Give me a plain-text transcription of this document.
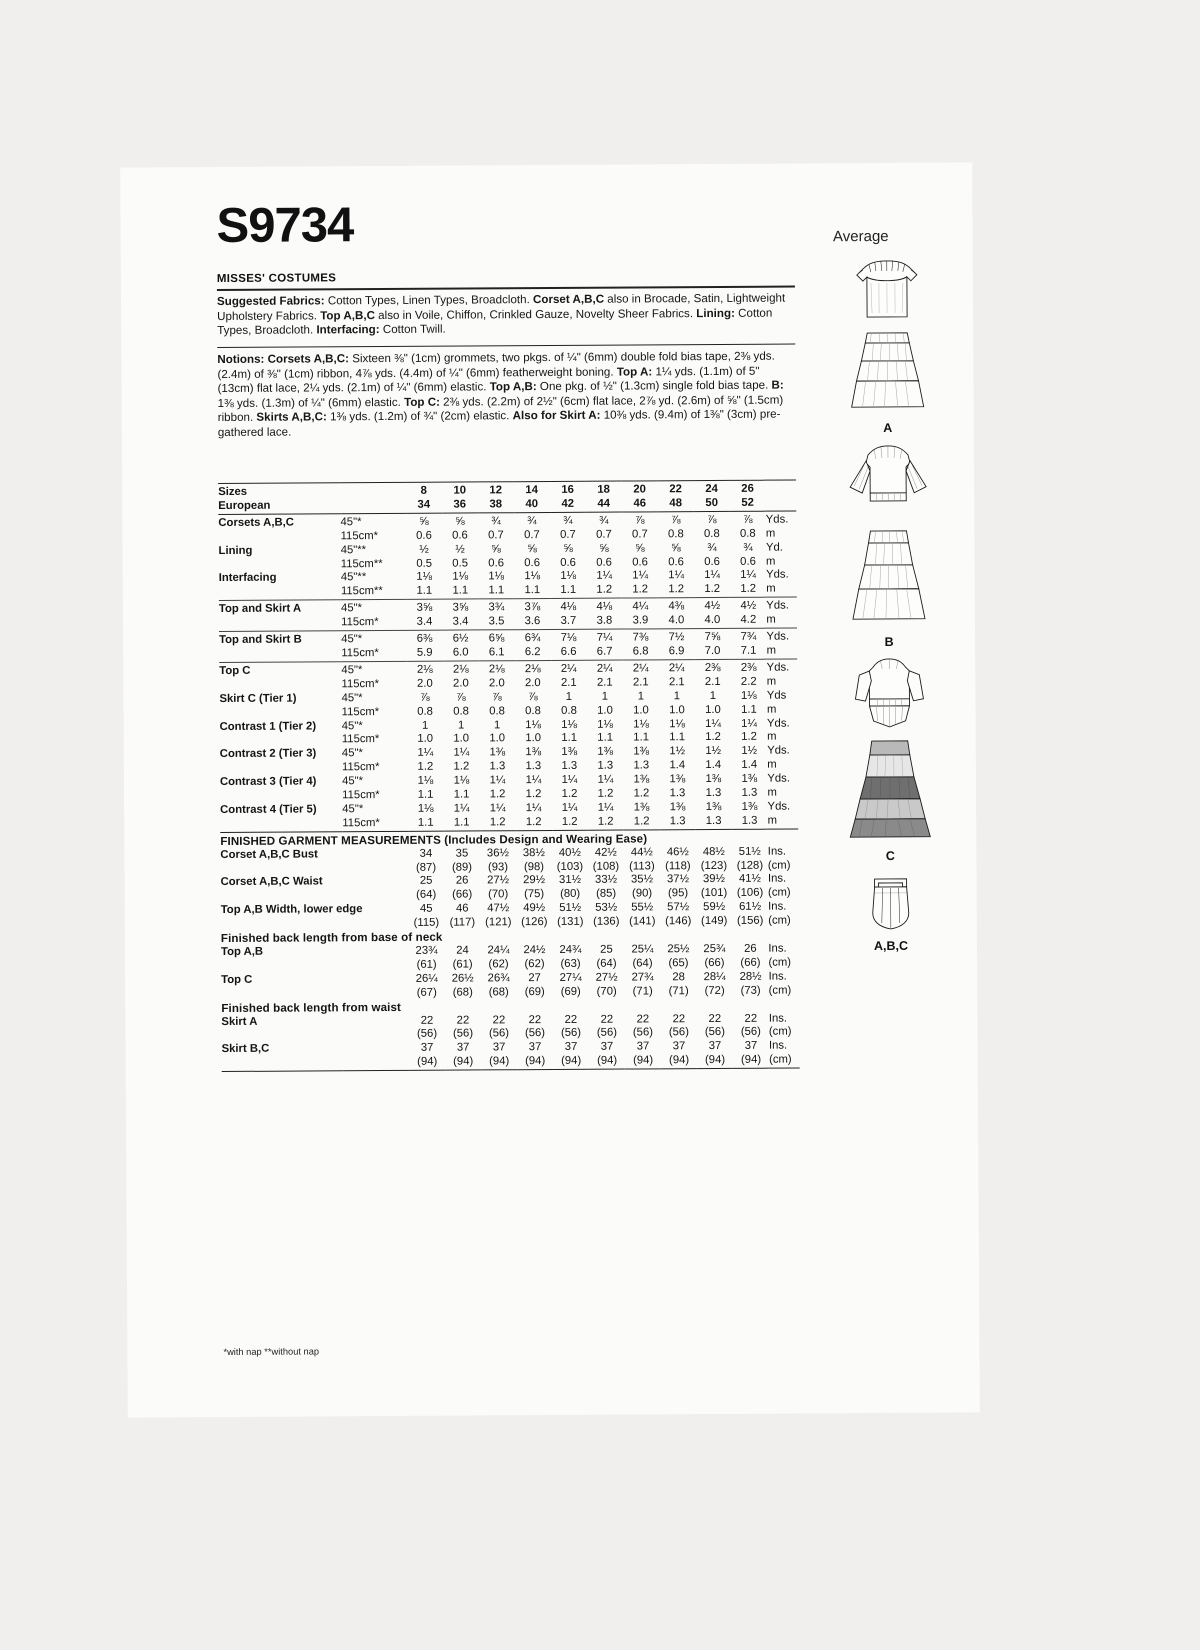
S9734	Average
MISSES' COSTUMES
Suggested Fabrics: Cotton Types, Linen Types, Broadcloth. Corset A,B,C also in Brocade, Satin, Lightweight Upholstery Fabrics. Top A,B,C also in Voile, Chiffon, Crinkled Gauze, Novelty Sheer Fabrics. Lining: Cotton Types, Broadcloth. Interfacing: Cotton Twill.
Notions: Corsets A,B,C: Sixteen ⅜" (1cm) grommets, two pkgs. of ¼" (6mm) double fold bias tape, 2⅜ yds. (2.4m) of ⅜" (1cm) ribbon, 4⅞ yds. (4.4m) of ¼" (6mm) featherweight boning. Top A: 1¼ yds. (1.1m) of 5" (13cm) flat lace, 2¼ yds. (2.1m) of ¼" (6mm) elastic. Top A,B: One pkg. of ½" (1.3cm) single fold bias tape. B: 1⅜ yds. (1.3m) of ¼" (6mm) elastic. Top C: 2⅜ yds. (2.2m) of 2½" (6cm) flat lace, 2⅞ yd. (2.6m) of ⅝" (1.5cm) ribbon. Skirts A,B,C: 1⅜ yds. (1.2m) of ¾" (2cm) elastic. Also for Skirt A: 10⅜ yds. (9.4m) of 1⅜" (3cm) pre-gathered lace.
Sizes		8	10	12	14	16	18	20	22	24	26	
European		34	36	38	40	42	44	46	48	50	52	
Corsets A,B,C	45"*	⅝	⅝	¾	¾	¾	¾	⅞	⅞	⅞	⅞	Yds.
	115cm*	0.6	0.6	0.7	0.7	0.7	0.7	0.7	0.8	0.8	0.8	m
Lining	45"**	½	½	⅝	⅝	⅝	⅝	⅝	⅝	¾	¾	Yd.
	115cm**	0.5	0.5	0.6	0.6	0.6	0.6	0.6	0.6	0.6	0.6	m
Interfacing	45"**	1⅛	1⅛	1⅛	1⅛	1⅛	1¼	1¼	1¼	1¼	1¼	Yds.
	115cm**	1.1	1.1	1.1	1.1	1.1	1.2	1.2	1.2	1.2	1.2	m
Top and Skirt A	45"*	3⅝	3⅝	3¾	3⅞	4⅛	4⅛	4¼	4⅜	4½	4½	Yds.
	115cm*	3.4	3.4	3.5	3.6	3.7	3.8	3.9	4.0	4.0	4.2	m
Top and Skirt B	45"*	6⅜	6½	6⅝	6¾	7⅛	7¼	7⅜	7½	7⅝	7¾	Yds.
	115cm*	5.9	6.0	6.1	6.2	6.6	6.7	6.8	6.9	7.0	7.1	m
Top C	45"*	2⅛	2⅛	2⅛	2⅛	2¼	2¼	2¼	2¼	2⅜	2⅜	Yds.
	115cm*	2.0	2.0	2.0	2.0	2.1	2.1	2.1	2.1	2.1	2.2	m
Skirt C (Tier 1)	45"*	⅞	⅞	⅞	⅞	1	1	1	1	1	1⅛	Yds
	115cm*	0.8	0.8	0.8	0.8	0.8	1.0	1.0	1.0	1.0	1.1	m
Contrast 1 (Tier 2)	45"*	1	1	1	1⅛	1⅛	1⅛	1⅛	1⅛	1¼	1¼	Yds.
	115cm*	1.0	1.0	1.0	1.0	1.1	1.1	1.1	1.1	1.2	1.2	m
Contrast 2 (Tier 3)	45"*	1¼	1¼	1⅜	1⅜	1⅜	1⅜	1⅜	1½	1½	1½	Yds.
	115cm*	1.2	1.2	1.3	1.3	1.3	1.3	1.3	1.4	1.4	1.4	m
Contrast 3 (Tier 4)	45"*	1⅛	1⅛	1¼	1¼	1¼	1¼	1⅜	1⅜	1⅜	1⅜	Yds.
	115cm*	1.1	1.1	1.2	1.2	1.2	1.2	1.2	1.3	1.3	1.3	m
Contrast 4 (Tier 5)	45"*	1⅛	1¼	1¼	1¼	1¼	1¼	1⅜	1⅜	1⅜	1⅜	Yds.
	115cm*	1.1	1.1	1.2	1.2	1.2	1.2	1.2	1.3	1.3	1.3	m
FINISHED GARMENT MEASUREMENTS (Includes Design and Wearing Ease)												
Corset A,B,C Bust		34	35	36½	38½	40½	42½	44½	46½	48½	51½	Ins.
		(87)	(89)	(93)	(98)	(103)	(108)	(113)	(118)	(123)	(128)	(cm)
Corset A,B,C Waist		25	26	27½	29½	31½	33½	35½	37½	39½	41½	Ins.
		(64)	(66)	(70)	(75)	(80)	(85)	(90)	(95)	(101)	(106)	(cm)
Top A,B Width, lower edge		45	46	47½	49½	51½	53½	55½	57½	59½	61½	Ins.
		(115)	(117)	(121)	(126)	(131)	(136)	(141)	(146)	(149)	(156)	(cm)
Finished back length from base of neck												
Top A,B		23¾	24	24¼	24½	24¾	25	25¼	25½	25¾	26	Ins.
		(61)	(61)	(62)	(62)	(63)	(64)	(64)	(65)	(66)	(66)	(cm)
Top C		26¼	26½	26¾	27	27¼	27½	27¾	28	28¼	28½	Ins.
		(67)	(68)	(68)	(69)	(69)	(70)	(71)	(71)	(72)	(73)	(cm)
Finished back length from waist												
Skirt A		22	22	22	22	22	22	22	22	22	22	Ins.
		(56)	(56)	(56)	(56)	(56)	(56)	(56)	(56)	(56)	(56)	(cm)
Skirt B,C		37	37	37	37	37	37	37	37	37	37	Ins.
		(94)	(94)	(94)	(94)	(94)	(94)	(94)	(94)	(94)	(94)	(cm)

*with nap **without nap
A
B
C
A,B,C
